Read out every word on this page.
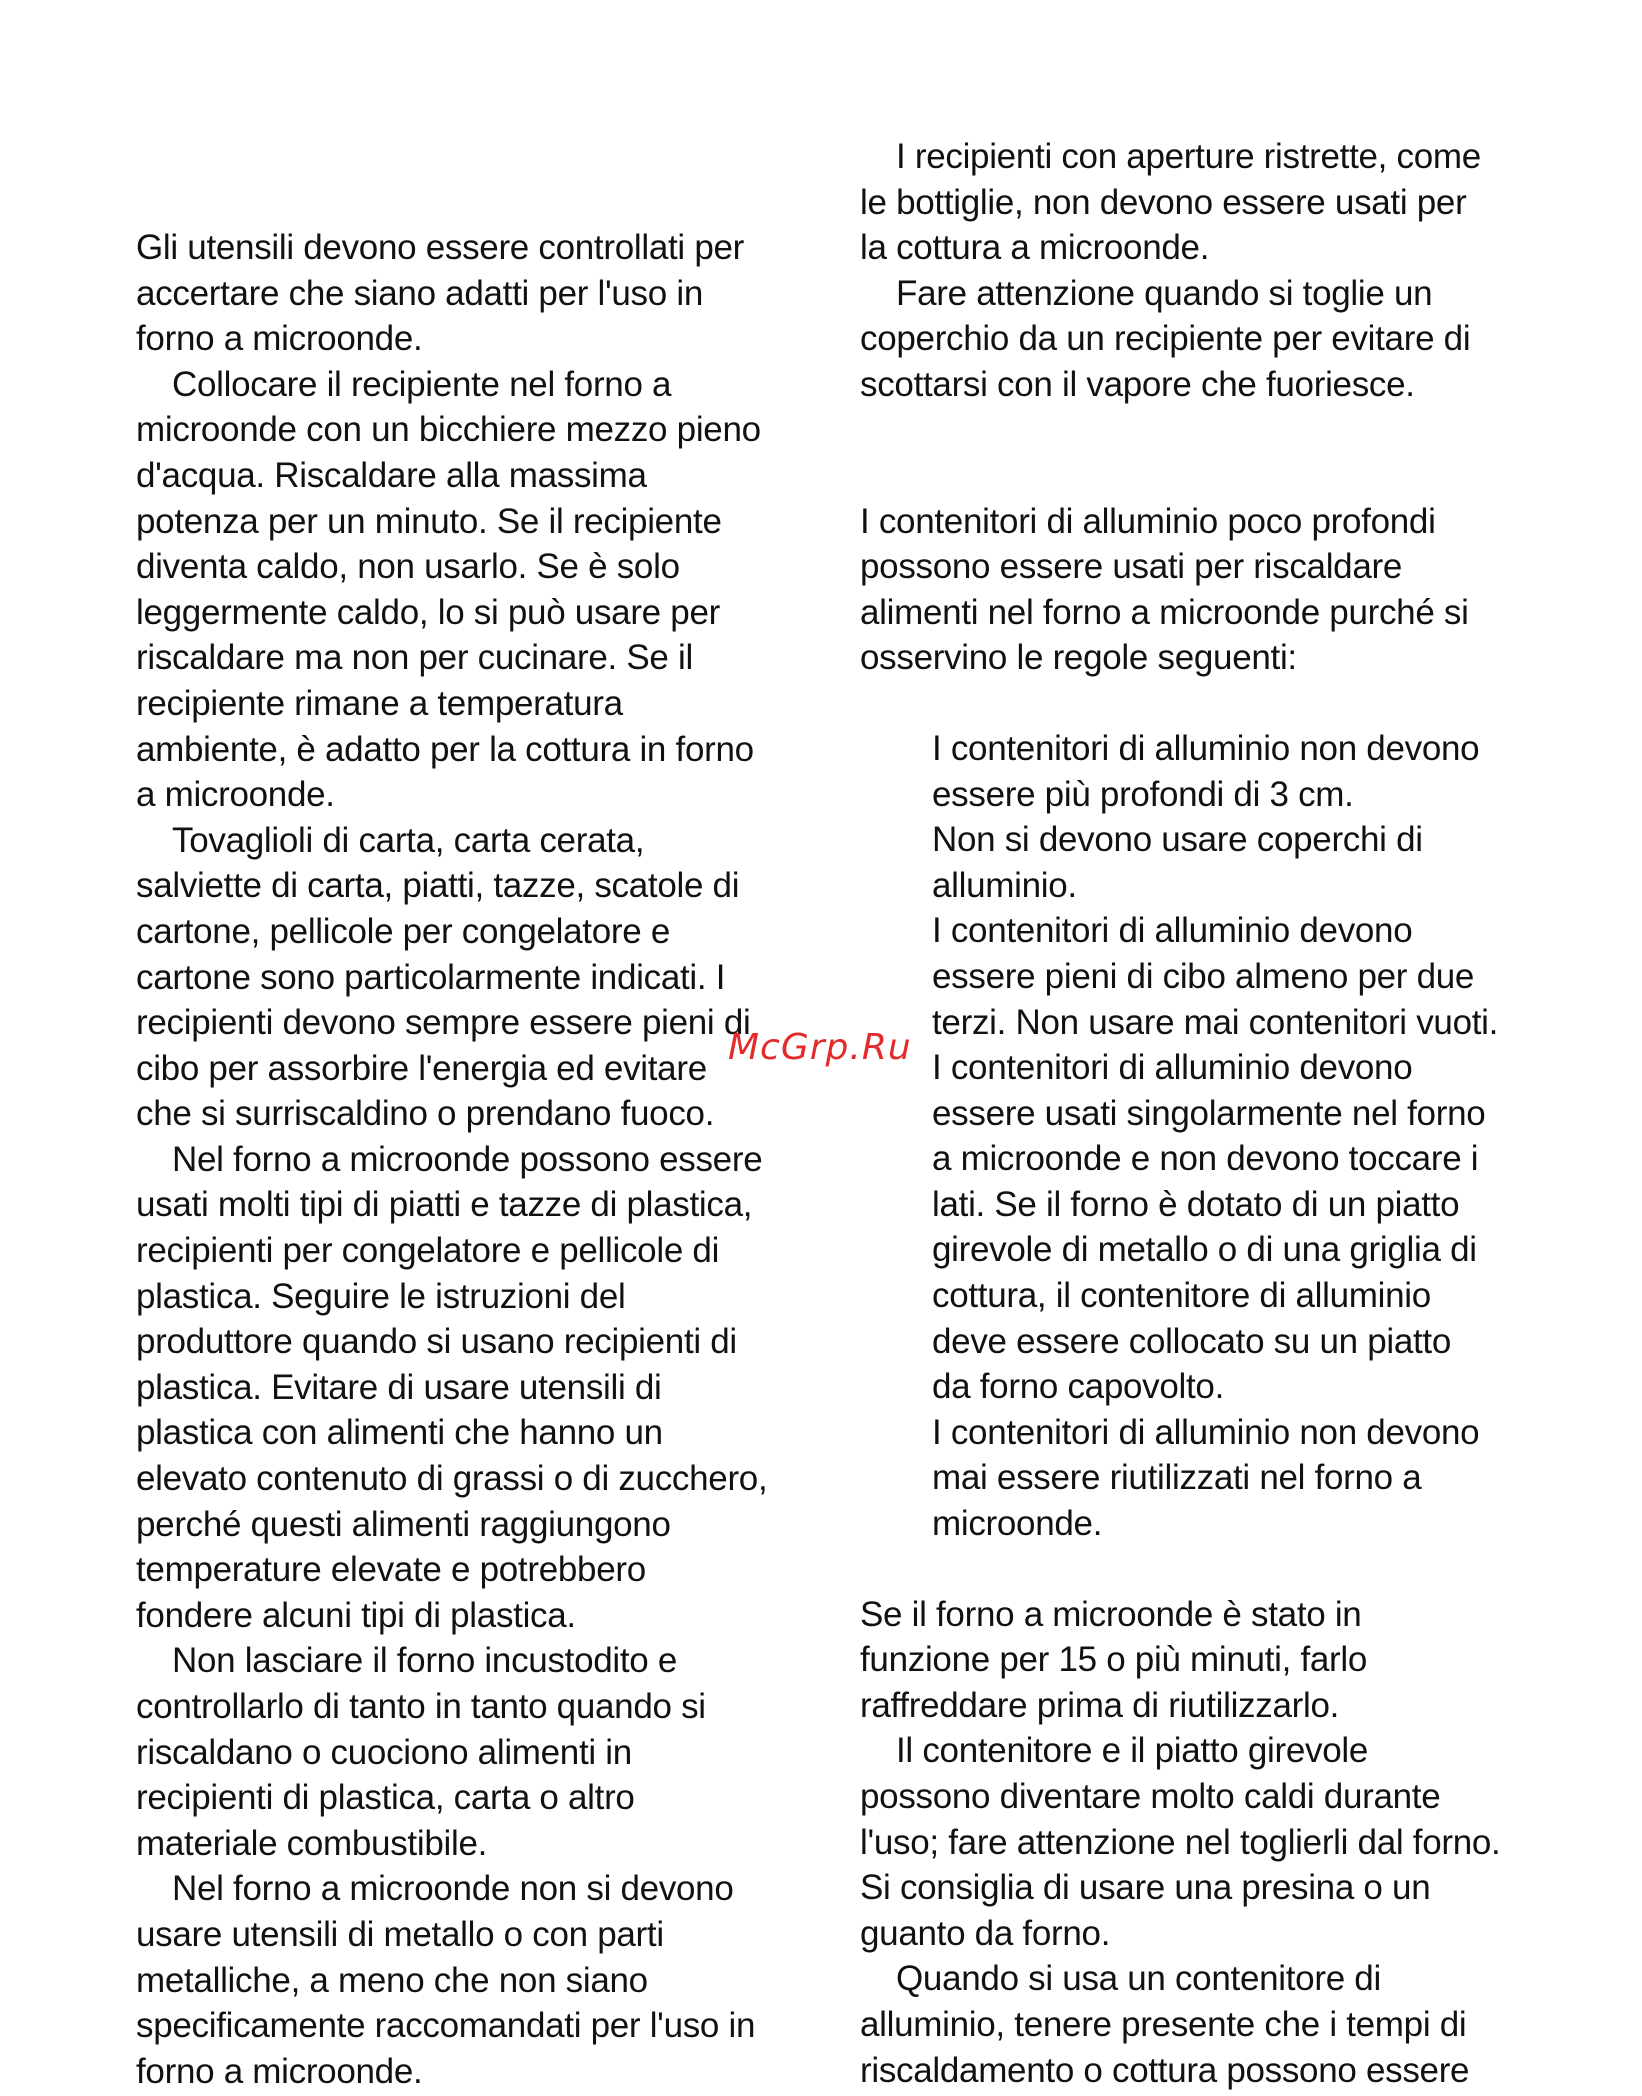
Gli utensili devono essere controllati per
accertare che siano adatti per l'uso in
forno a microonde.

Collocare il recipiente nel forno a
microonde con un bicchiere mezzo pieno
d'acqua. Riscaldare alla massima
potenza per un minuto. Se il recipiente
diventa caldo, non usarlo. Se è solo
leggermente caldo, lo si può usare per
riscaldare ma non per cucinare. Se il
recipiente rimane a temperatura
ambiente, è adatto per la cottura in forno
a microonde.

Tovaglioli di carta, carta cerata,
salviette di carta, piatti, tazze, scatole di
cartone, pellicole per congelatore e
cartone sono particolarmente indicati. I
recipienti devono sempre essere pieni di
cibo per assorbire l'energia ed evitare
che si surriscaldino o prendano fuoco.

Nel forno a microonde possono essere
usati molti tipi di piatti e tazze di plastica,
recipienti per congelatore e pellicole di
plastica. Seguire le istruzioni del
produttore quando si usano recipienti di
plastica. Evitare di usare utensili di
plastica con alimenti che hanno un
elevato contenuto di grassi o di zucchero,
perché questi alimenti raggiungono
temperature elevate e potrebbero
fondere alcuni tipi di plastica.

Non lasciare il forno incustodito e
controllarlo di tanto in tanto quando si
riscaldano o cuociono alimenti in
recipienti di plastica, carta o altro
materiale combustibile.

Nel forno a microonde non si devono
usare utensili di metallo o con parti
metalliche, a meno che non siano
specificamente raccomandati per l'uso in
forno a microonde.

I recipienti con aperture ristrette, come
le bottiglie, non devono essere usati per
la cottura a microonde.

Fare attenzione quando si toglie un
coperchio da un recipiente per evitare di
scottarsi con il vapore che fuoriesce.

I contenitori di alluminio poco profondi
possono essere usati per riscaldare
alimenti nel forno a microonde purché si
osservino le regole seguenti:

I contenitori di alluminio non devono
essere più profondi di 3 cm.

Non si devono usare coperchi di
alluminio.

I contenitori di alluminio devono
essere pieni di cibo almeno per due
terzi. Non usare mai contenitori vuoti.

I contenitori di alluminio devono
essere usati singolarmente nel forno
a microonde e non devono toccare i
lati. Se il forno è dotato di un piatto
girevole di metallo o di una griglia di
cottura, il contenitore di alluminio
deve essere collocato su un piatto
da forno capovolto.

I contenitori di alluminio non devono
mai essere riutilizzati nel forno a
microonde.

Se il forno a microonde è stato in
funzione per 15 o più minuti, farlo
raffreddare prima di riutilizzarlo.

Il contenitore e il piatto girevole
possono diventare molto caldi durante
l'uso; fare attenzione nel toglierli dal forno.
Si consiglia di usare una presina o un
guanto da forno.

Quando si usa un contenitore di
alluminio, tenere presente che i tempi di
riscaldamento o cottura possono essere

McGrp.Ru
